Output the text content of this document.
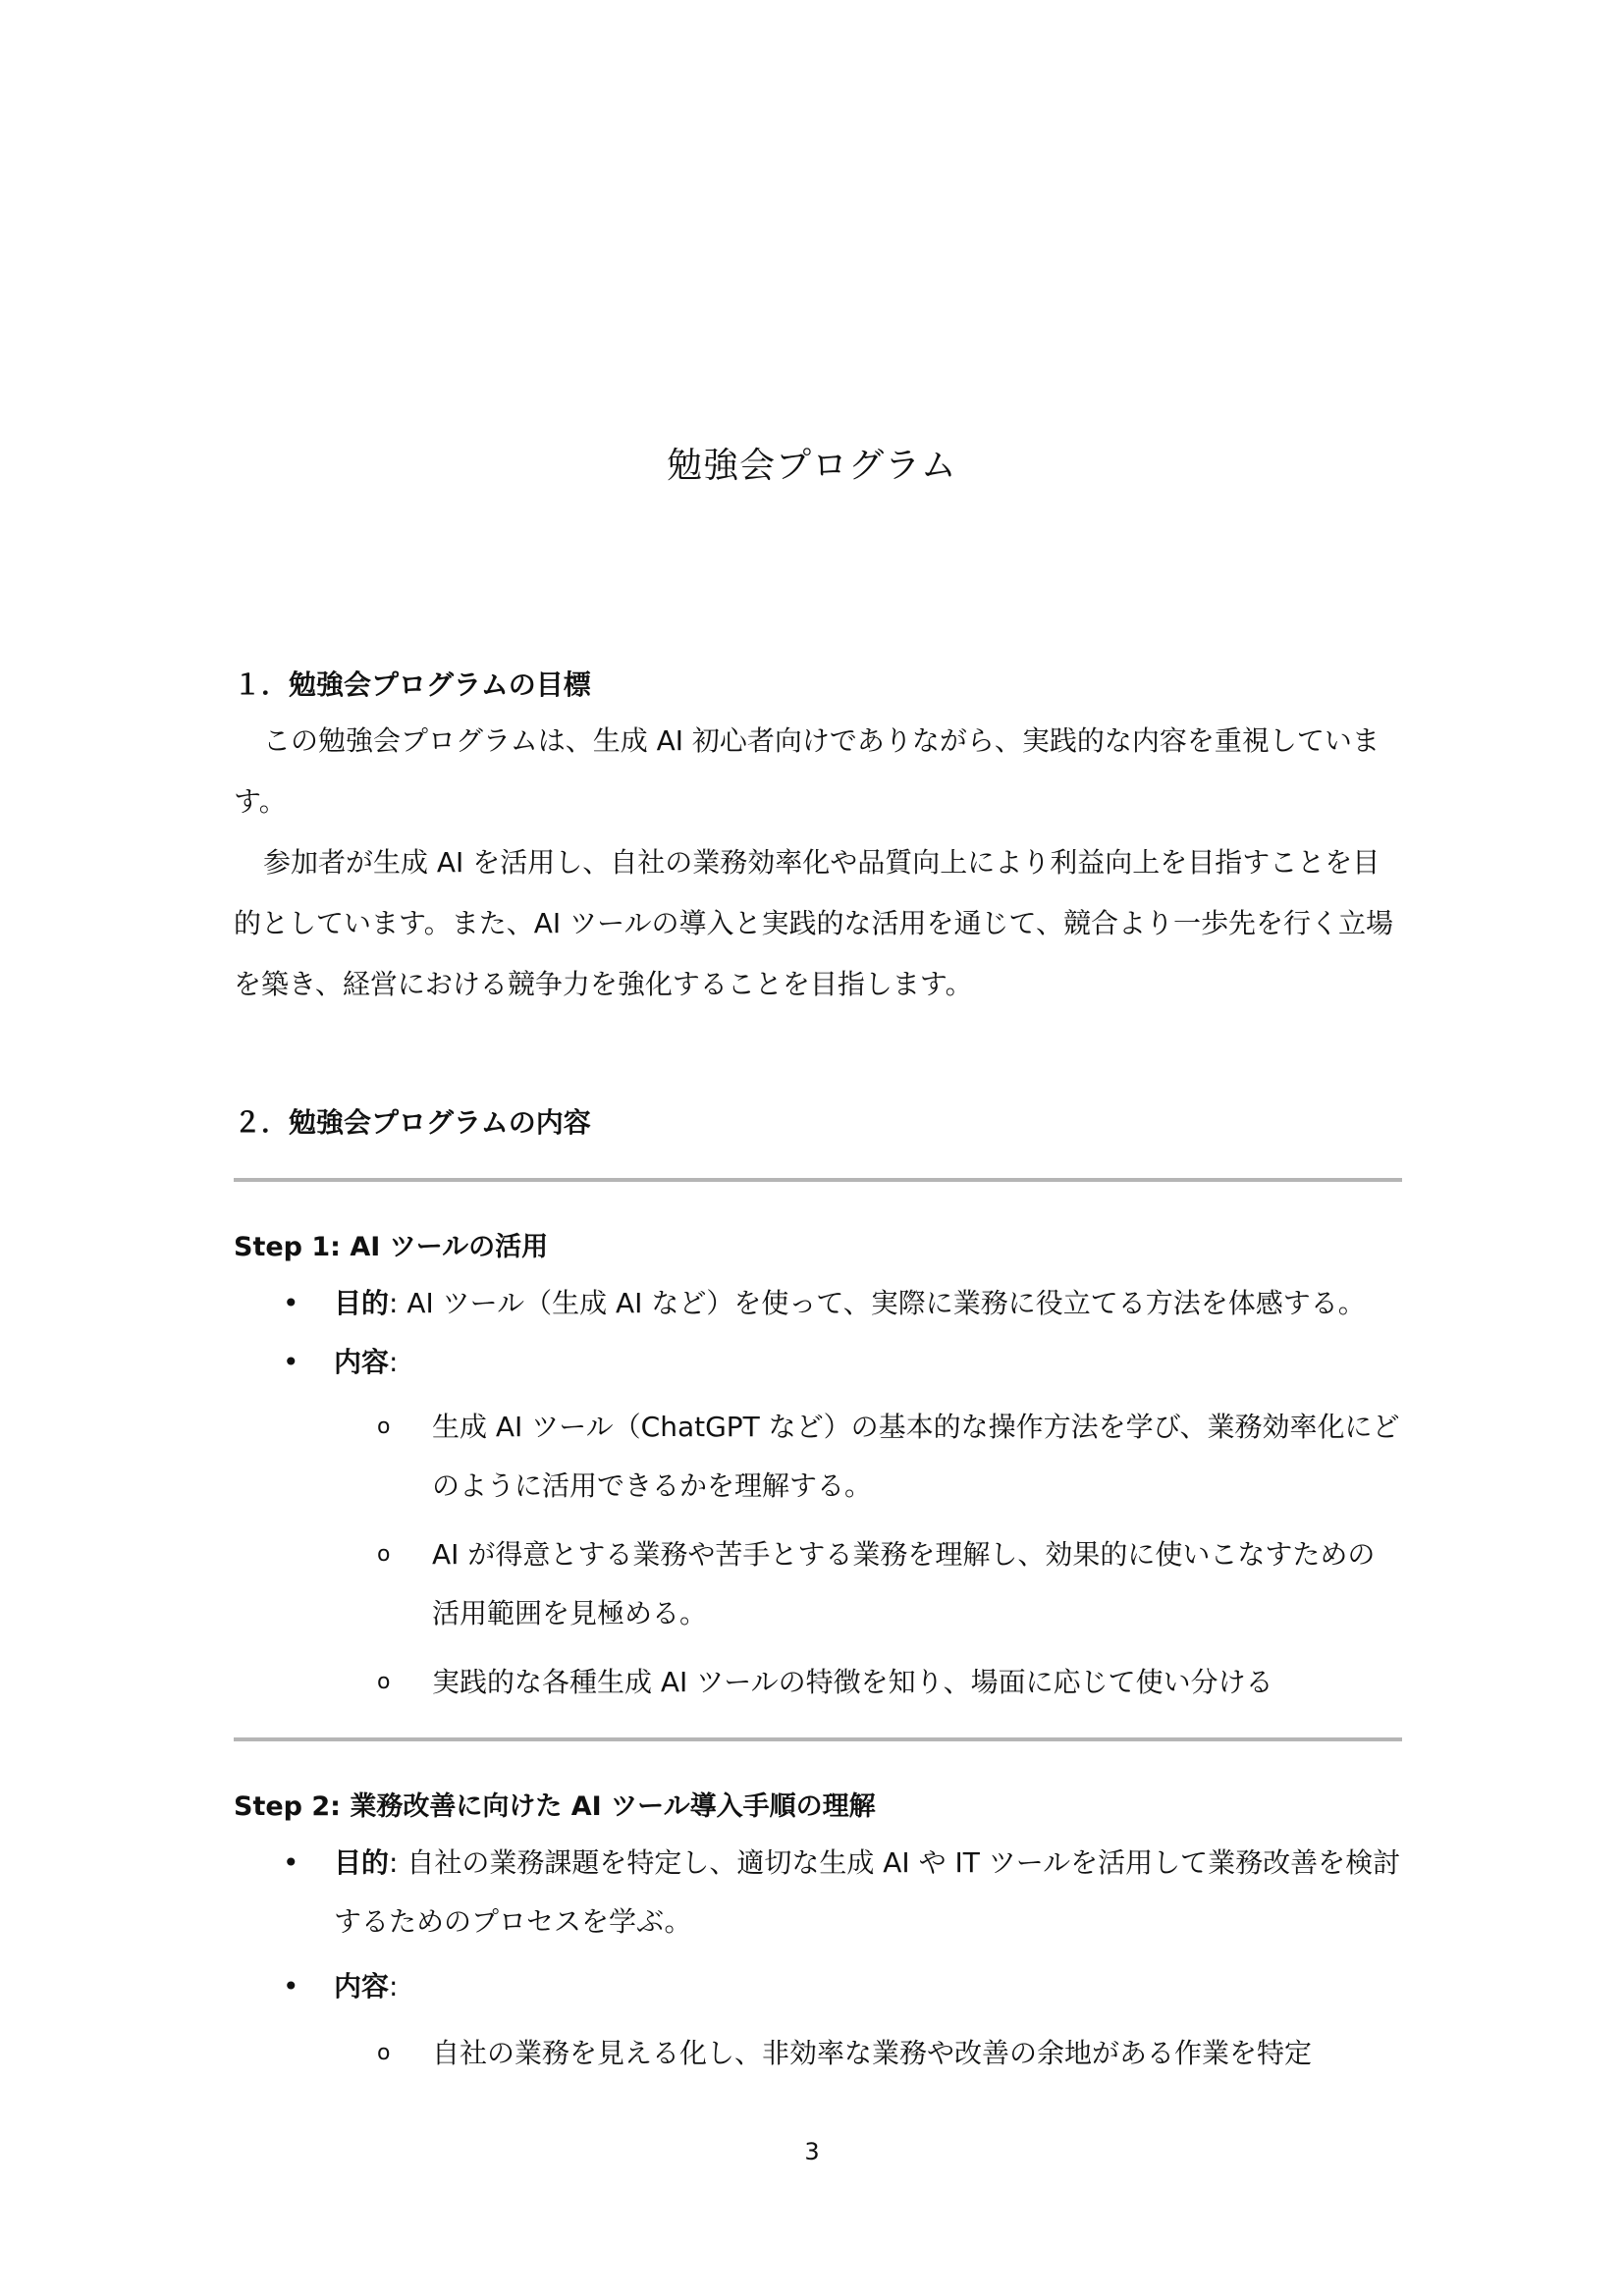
勉強会プログラム
１．勉強会プログラムの目標
この勉強会プログラムは、生成 AI 初心者向けでありながら、実践的な内容を重視しています。
参加者が生成 AI を活用し、自社の業務効率化や品質向上により利益向上を目指すことを目的としています。また、AI ツールの導入と実践的な活用を通じて、競合より一歩先を行く立場を築き、経営における競争力を強化することを目指します。
２．勉強会プログラムの内容
Step 1: AI ツールの活用
•	目的: AI ツール（生成 AI など）を使って、実際に業務に役立てる方法を体感する。
•	内容:
o 生成 AI ツール（ChatGPT など）の基本的な操作方法を学び、業務効率化にどのように活用できるかを理解する。
o AI が得意とする業務や苦手とする業務を理解し、効果的に使いこなすための活用範囲を見極める。
o 実践的な各種生成 AI ツールの特徴を知り、場面に応じて使い分ける
Step 2: 業務改善に向けた AI ツール導入手順の理解
•	目的: 自社の業務課題を特定し、適切な生成 AI や IT ツールを活用して業務改善を検討するためのプロセスを学ぶ。
•	内容:
o 自社の業務を見える化し、非効率な業務や改善の余地がある作業を特定
3
